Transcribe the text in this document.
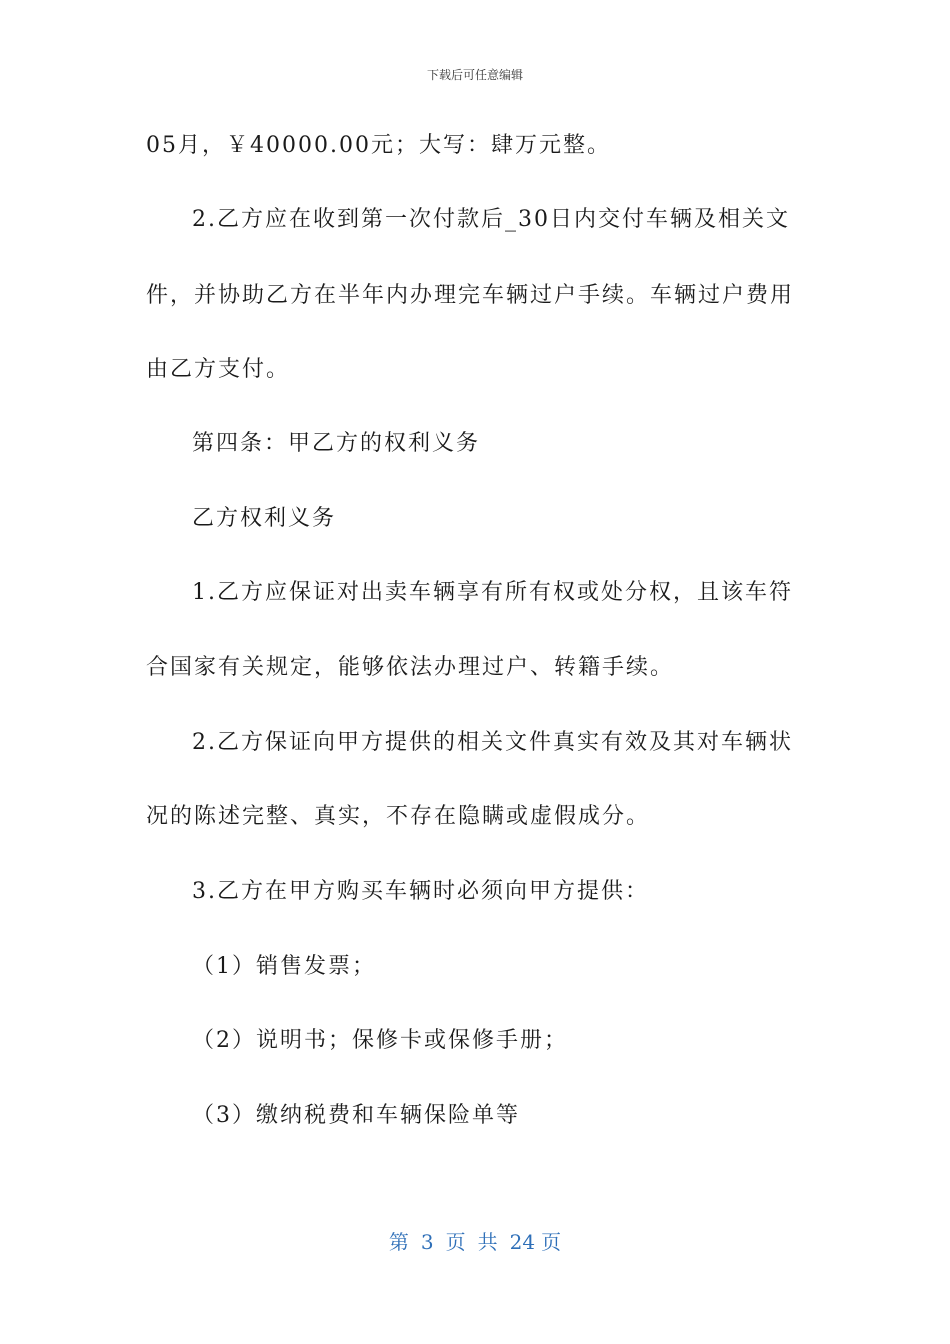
下载后可任意编辑
05月，￥40000.00元；大写：肆万元整。
2.乙方应在收到第一次付款后_30日内交付车辆及相关文
件，并协助乙方在半年内办理完车辆过户手续。车辆过户费用
由乙方支付。
第四条：甲乙方的权利义务
乙方权利义务
1.乙方应保证对出卖车辆享有所有权或处分权，且该车符
合国家有关规定，能够依法办理过户、转籍手续。
2.乙方保证向甲方提供的相关文件真实有效及其对车辆状
况的陈述完整、真实，不存在隐瞒或虚假成分。
3.乙方在甲方购买车辆时必须向甲方提供：
（1）销售发票；
（2）说明书；保修卡或保修手册；
（3）缴纳税费和车辆保险单等
第 3 页 共 24 页
